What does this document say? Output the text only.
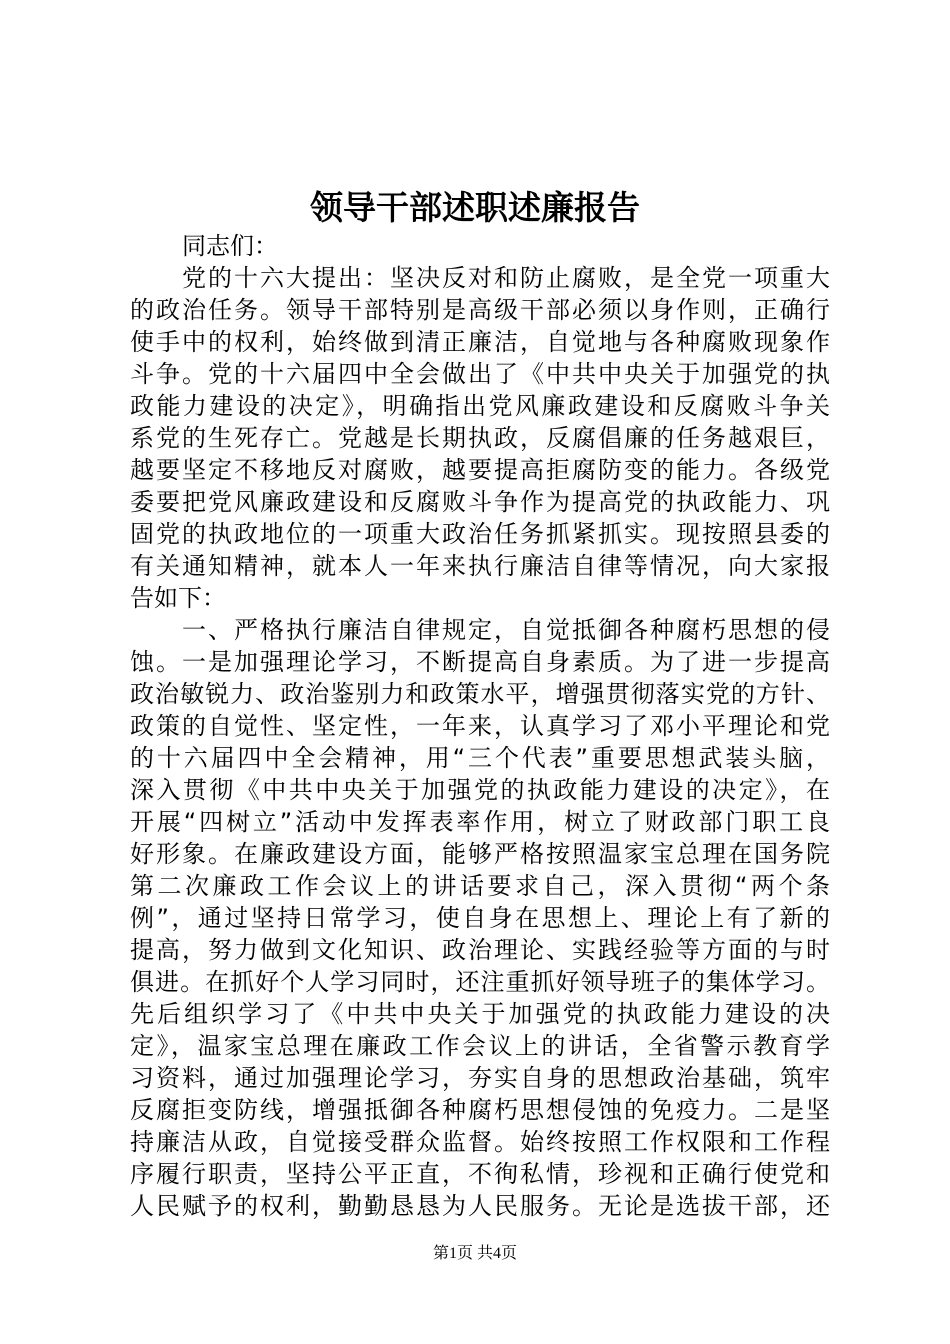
领导干部述职述廉报告
同志们：
党的十六大提出：坚决反对和防止腐败，是全党一项重大
的政治任务。领导干部特别是高级干部必须以身作则，正确行
使手中的权利，始终做到清正廉洁，自觉地与各种腐败现象作
斗争。党的十六届四中全会做出了《中共中央关于加强党的执
政能力建设的决定》，明确指出党风廉政建设和反腐败斗争关
系党的生死存亡。党越是长期执政，反腐倡廉的任务越艰巨，
越要坚定不移地反对腐败，越要提高拒腐防变的能力。各级党
委要把党风廉政建设和反腐败斗争作为提高党的执政能力、巩
固党的执政地位的一项重大政治任务抓紧抓实。现按照县委的
有关通知精神，就本人一年来执行廉洁自律等情况，向大家报
告如下：
一、严格执行廉洁自律规定，自觉抵御各种腐朽思想的侵
蚀。一是加强理论学习，不断提高自身素质。为了进一步提高
政治敏锐力、政治鉴别力和政策水平，增强贯彻落实党的方针、
政策的自觉性、坚定性，一年来，认真学习了邓小平理论和党
的十六届四中全会精神，用“三个代表”重要思想武装头脑，
深入贯彻《中共中央关于加强党的执政能力建设的决定》，在
开展“四树立”活动中发挥表率作用，树立了财政部门职工良
好形象。在廉政建设方面，能够严格按照温家宝总理在国务院
第二次廉政工作会议上的讲话要求自己，深入贯彻“两个条
例”，通过坚持日常学习，使自身在思想上、理论上有了新的
提高，努力做到文化知识、政治理论、实践经验等方面的与时
俱进。在抓好个人学习同时，还注重抓好领导班子的集体学习。
先后组织学习了《中共中央关于加强党的执政能力建设的决
定》，温家宝总理在廉政工作会议上的讲话，全省警示教育学
习资料，通过加强理论学习，夯实自身的思想政治基础，筑牢
反腐拒变防线，增强抵御各种腐朽思想侵蚀的免疫力。二是坚
持廉洁从政，自觉接受群众监督。始终按照工作权限和工作程
序履行职责，坚持公平正直，不徇私情，珍视和正确行使党和
人民赋予的权利，勤勤恳恳为人民服务。无论是选拔干部，还
第1页 共4页
